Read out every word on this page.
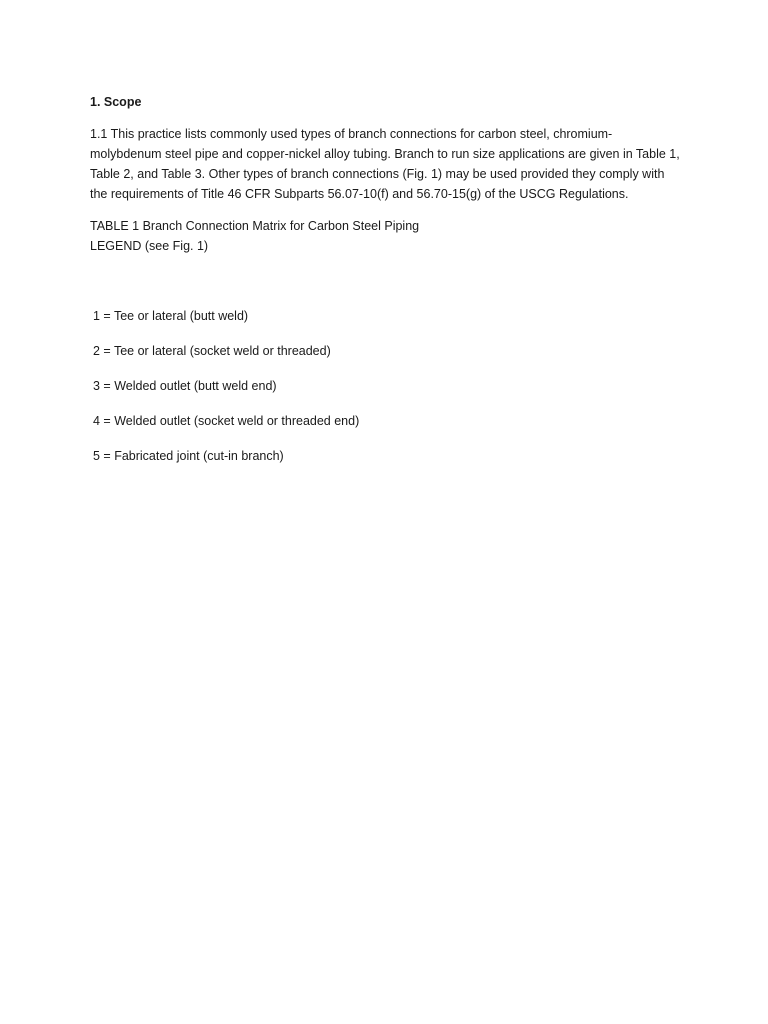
1. Scope

1.1 This practice lists commonly used types of branch connections for carbon steel, chromium-molybdenum steel pipe and copper-nickel alloy tubing. Branch to run size applications are given in Table 1, Table 2, and Table 3. Other types of branch connections (Fig. 1) may be used provided they comply with the requirements of Title 46 CFR Subparts 56.07-10(f) and 56.70-15(g) of the USCG Regulations.

TABLE 1 Branch Connection Matrix for Carbon Steel Piping

LEGEND (see Fig. 1)

1 = Tee or lateral (butt weld)
2 = Tee or lateral (socket weld or threaded)
3 = Welded outlet (butt weld end)
4 = Welded outlet (socket weld or threaded end)
5 = Fabricated joint (cut-in branch)
